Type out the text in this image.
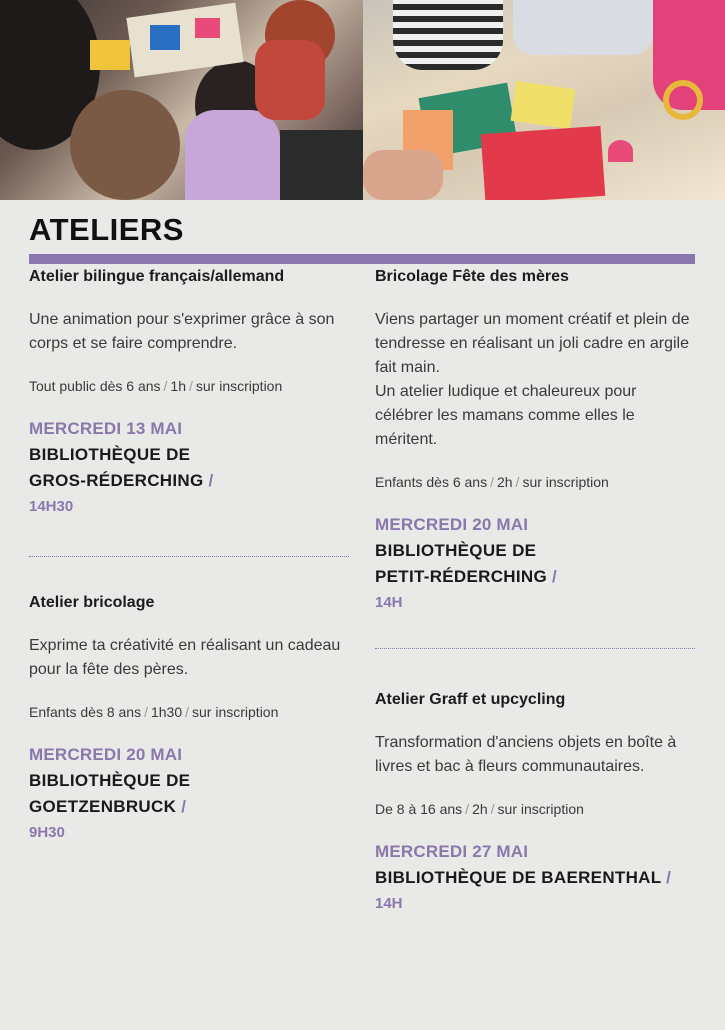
ATELIERS
Atelier bilingue français/allemand

Une animation pour s'exprimer grâce à son corps et se faire comprendre.

Tout public dès 6 ans / 1h / sur inscription

MERCREDI 13 MAI

BIBLIOTHÈQUE DE

GROS-RÉDERCHING /

14H30

Atelier bricolage

Exprime ta créativité en réalisant un cadeau pour la fête des pères.

Enfants dès 8 ans / 1h30 / sur inscription

MERCREDI 20 MAI

BIBLIOTHÈQUE DE

GOETZENBRUCK /

9H30

Bricolage Fête des mères

Viens partager un moment créatif et plein de tendresse en réalisant un joli cadre en argile fait main.

Un atelier ludique et chaleureux pour célébrer les mamans comme elles le méritent.

Enfants dès 6 ans / 2h / sur inscription

MERCREDI 20 MAI

BIBLIOTHÈQUE DE

PETIT-RÉDERCHING /

14H

Atelier Graff et upcycling

Transformation d'anciens objets en boîte à livres et bac à fleurs communautaires.

De 8 à 16 ans / 2h / sur inscription

MERCREDI 27 MAI

BIBLIOTHÈQUE DE BAERENTHAL /

14H
